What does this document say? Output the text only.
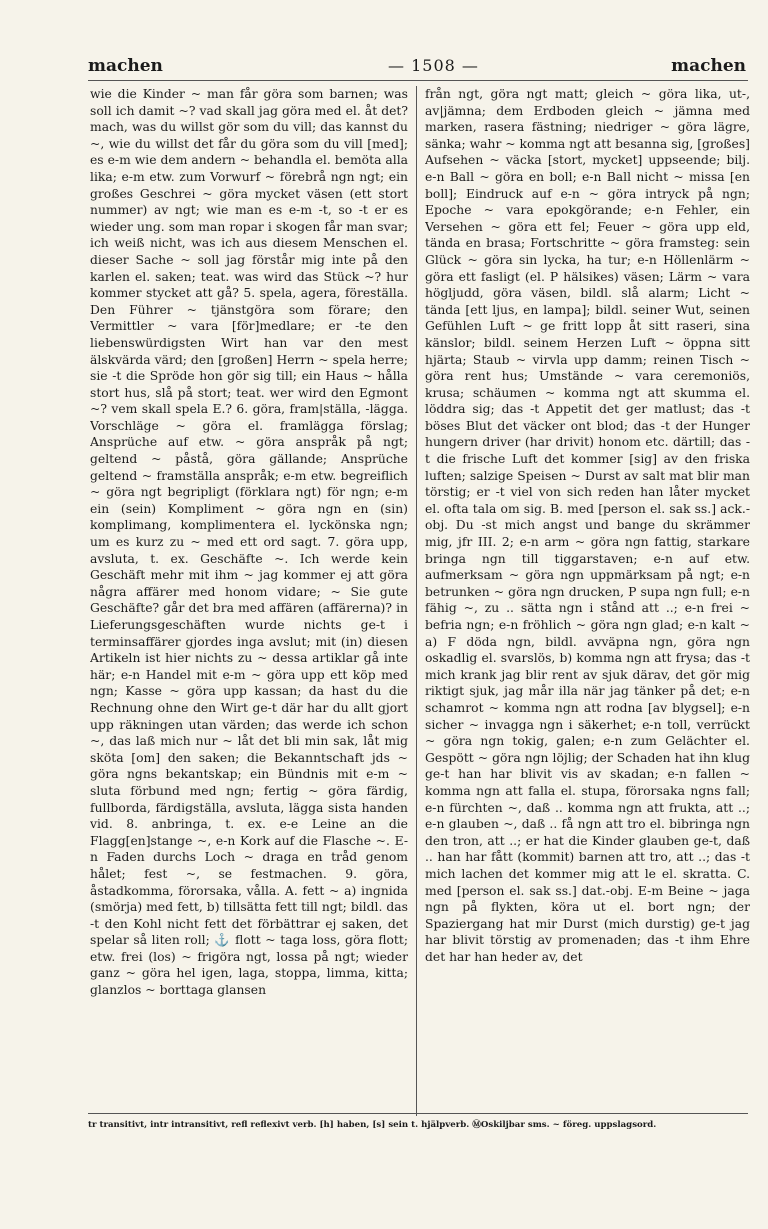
machen	— 1508 —	machen

wie die Kinder ~ man får göra som barnen; was soll ich damit ~? vad skall jag göra med el. åt det? mach, was du willst gör som du vill; das kannst du ~, wie du willst det får du göra som du vill [med]; es e-m wie dem andern ~ behandla el. bemöta alla lika; e-m etw. zum Vorwurf ~ förebrå ngn ngt; ein großes Geschrei ~ göra mycket väsen (ett stort nummer) av ngt; wie man es e-m -t, so -t er es wieder ung. som man ropar i skogen får man svar; ich weiß nicht, was ich aus diesem Menschen el. dieser Sache ~ soll jag förstår mig inte på den karlen el. saken; teat. was wird das Stück ~? hur kommer stycket att gå? 5. spela, agera, föreställa. Den Führer ~ tjänstgöra som förare; den Vermittler ~ vara [för]medlare; er -te den liebenswürdigsten Wirt han var den mest älskvärda värd; den [großen] Herrn ~ spela herre; sie -t die Spröde hon gör sig till; ein Haus ~ hålla stort hus, slå på stort; teat. wer wird den Egmont ~? vem skall spela E.? 6. göra, fram|ställa, -lägga. Vorschläge ~ göra el. framlägga förslag; Ansprüche auf etw. ~ göra anspråk på ngt; geltend ~ påstå, göra gällande; Ansprüche geltend ~ framställa anspråk; e-m etw. begreiflich ~ göra ngt begripligt (förklara ngt) för ngn; e-m ein (sein) Kompliment ~ göra ngn en (sin) komplimang, komplimentera el. lyckönska ngn; um es kurz zu ~ med ett ord sagt. 7. göra upp, avsluta, t. ex. Geschäfte ~. Ich werde kein Geschäft mehr mit ihm ~ jag kommer ej att göra några affärer med honom vidare; ~ Sie gute Geschäfte? går det bra med affären (affärerna)? in Lieferungsgeschäften wurde nichts ge-t i terminsaffärer gjordes inga avslut; mit (in) diesen Artikeln ist hier nichts zu ~ dessa artiklar gå inte här; e-n Handel mit e-m ~ göra upp ett köp med ngn; Kasse ~ göra upp kassan; da hast du die Rechnung ohne den Wirt ge-t där har du allt gjort upp räkningen utan värden; das werde ich schon ~, das laß mich nur ~ låt det bli min sak, låt mig sköta [om] den saken; die Bekanntschaft jds ~ göra ngns bekantskap; ein Bündnis mit e-m ~ sluta förbund med ngn; fertig ~ göra färdig, fullborda, färdigställa, avsluta, lägga sista handen vid. 8. anbringa, t. ex. e-e Leine an die Flagg[en]stange ~, e-n Kork auf die Flasche ~. E-n Faden durchs Loch ~ draga en tråd genom hålet; fest ~, se festmachen. 9. göra, åstadkomma, förorsaka, vålla. A. fett ~ a) ingnida (smörja) med fett, b) tillsätta fett till ngt; bildl. das -t den Kohl nicht fett det förbättrar ej saken, det spelar så liten roll; ⚓ flott ~ taga loss, göra flott; etw. frei (los) ~ frigöra ngt, lossa på ngt; wieder ganz ~ göra hel igen, laga, stoppa, limma, kitta; glanzlos ~ borttaga glansen

från ngt, göra ngt matt; gleich ~ göra lika, ut-, av|jämna; dem Erdboden gleich ~ jämna med marken, rasera fästning; niedriger ~ göra lägre, sänka; wahr ~ komma ngt att besanna sig, [großes] Aufsehen ~ väcka [stort, mycket] uppseende; bilj. e-n Ball ~ göra en boll; e-n Ball nicht ~ missa [en boll]; Eindruck auf e-n ~ göra intryck på ngn; Epoche ~ vara epokgörande; e-n Fehler, ein Versehen ~ göra ett fel; Feuer ~ göra upp eld, tända en brasa; Fortschritte ~ göra framsteg: sein Glück ~ göra sin lycka, ha tur; e-n Höllenlärm ~ göra ett fasligt (el. P hälsikes) väsen; Lärm ~ vara högljudd, göra väsen, bildl. slå alarm; Licht ~ tända [ett ljus, en lampa]; bildl. seiner Wut, seinen Gefühlen Luft ~ ge fritt lopp åt sitt raseri, sina känslor; bildl. seinem Herzen Luft ~ öppna sitt hjärta; Staub ~ virvla upp damm; reinen Tisch ~ göra rent hus; Umstände ~ vara ceremoniös, krusa; schäumen ~ komma ngt att skumma el. löddra sig; das -t Appetit det ger matlust; das -t böses Blut det väcker ont blod; das -t der Hunger hungern driver (har drivit) honom etc. därtill; das -t die frische Luft det kommer [sig] av den friska luften; salzige Speisen ~ Durst av salt mat blir man törstig; er -t viel von sich reden han låter mycket el. ofta tala om sig. B. med [person el. sak ss.] ack.-obj. Du -st mich angst und bange du skrämmer mig, jfr III. 2; e-n arm ~ göra ngn fattig, starkare bringa ngn till tiggarstaven; e-n auf etw. aufmerksam ~ göra ngn uppmärksam på ngt; e-n betrunken ~ göra ngn drucken, P supa ngn full; e-n fähig ~, zu .. sätta ngn i stånd att ..; e-n frei ~ befria ngn; e-n fröhlich ~ göra ngn glad; e-n kalt ~ a) F döda ngn, bildl. avväpna ngn, göra ngn oskadlig el. svarslös, b) komma ngn att frysa; das -t mich krank jag blir rent av sjuk därav, det gör mig riktigt sjuk, jag mår illa när jag tänker på det; e-n schamrot ~ komma ngn att rodna [av blygsel]; e-n sicher ~ invagga ngn i säkerhet; e-n toll, verrückt ~ göra ngn tokig, galen; e-n zum Gelächter el. Gespött ~ göra ngn löjlig; der Schaden hat ihn klug ge-t han har blivit vis av skadan; e-n fallen ~ komma ngn att falla el. stupa, förorsaka ngns fall; e-n fürchten ~, daß .. komma ngn att frukta, att ..; e-n glauben ~, daß .. få ngn att tro el. bibringa ngn den tron, att ..; er hat die Kinder glauben ge-t, daß .. han har fått (kommit) barnen att tro, att ..; das -t mich lachen det kommer mig att le el. skratta. C. med [person el. sak ss.] dat.-obj. E-m Beine ~ jaga ngn på flykten, köra ut el. bort ngn; der Spaziergang hat mir Durst (mich durstig) ge-t jag har blivit törstig av promenaden; das -t ihm Ehre det har han heder av, det

tr transitivt, intr intransitivt, refl reflexivt verb. [h] haben, [s] sein t. hjälpverb. ⓂOskiljbar sms. ~ föreg. uppslagsord.
